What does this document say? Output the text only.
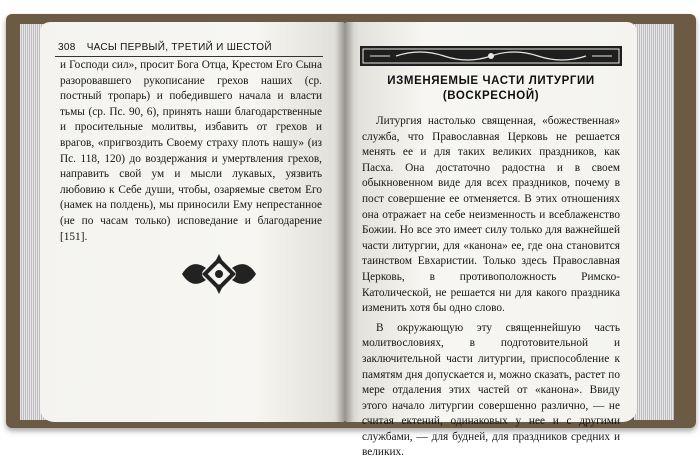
308 ЧАСЫ ПЕРВЫЙ, ТРЕТИЙ И ШЕСТОЙ

и Господи сил», просит Бога Отца, Крестом Его Сына разоровавшего рукописание грехов наших (ср. постный тропарь) и победившего начала и власти тьмы (ср. Пс. 90, 6), принять наши благодарственные и просительные молитвы, избавить от грехов и врагов, «пригвоздить Своему страху плоть нашу» (из Пс. 118, 120) до воздержания и умертвления грехов, направить свой ум и мысли лукавых, уязвить любовию к Себе души, чтобы, озаряемые светом Его (намек на полдень), мы приносили Ему непрестанное (не по часам только) исповедание и благодарение [151].

ИЗМЕНЯЕМЫЕ ЧАСТИ ЛИТУРГИИ
(ВОСКРЕСНОЙ)

Литургия настолько священная, «божественная» служба, что Православная Церковь не решается менять ее и для таких великих праздников, как Пасха. Она достаточно радостна и в своем обыкновенном виде для всех праздников, почему в пост совершение ее отменяется. В этих отношениях она отражает на себе неизменность и всеблаженство Божии. Но все это имеет силу только для важнейшей части литургии, для «канона» ее, где она становится таинством Евхаристии. Только здесь Православная Церковь, в противоположность Римско-Католической, не решается ни для какого праздника изменить хотя бы одно слово.

В окружающую эту священнейшую часть молитвословиях, в подготовительной и заключительной части литургии, приспособление к памятям дня допускается и, можно сказать, растет по мере отдаления этих частей от «канона». Ввиду этого начало литургии совершенно различно, — не считая ектений, одинаковых у нее и с другими службами, — для будней, для праздников средних и великих.
